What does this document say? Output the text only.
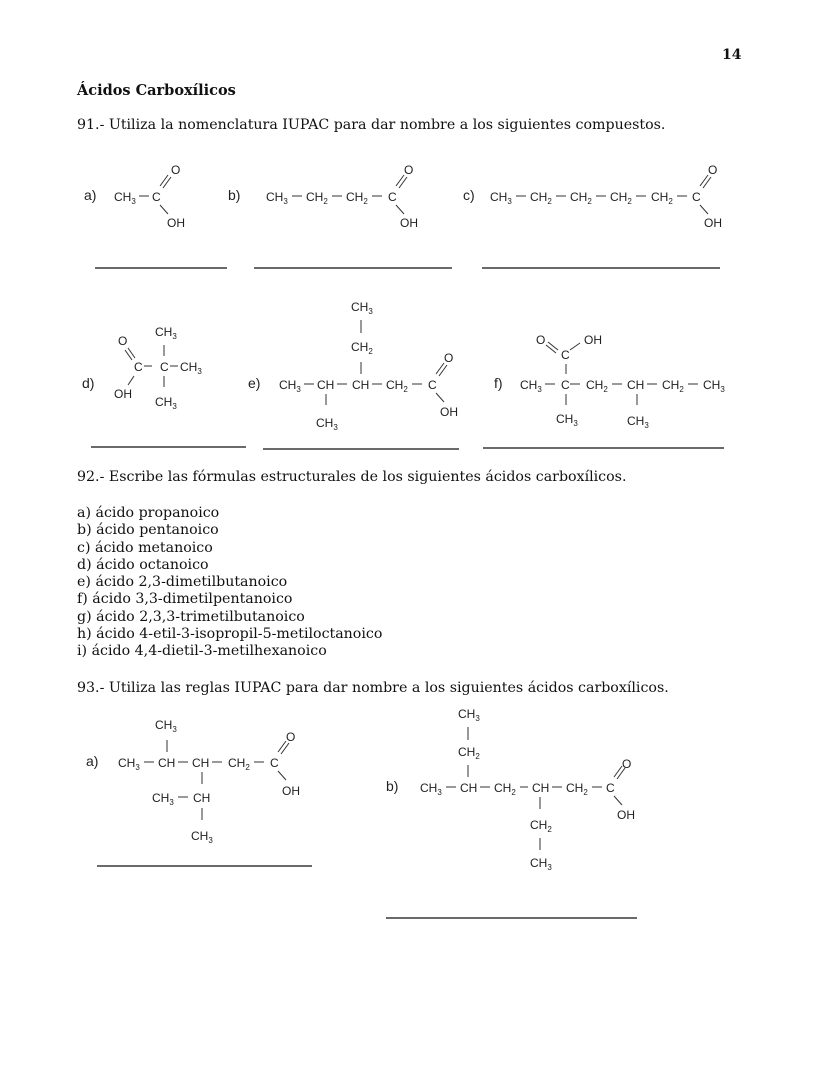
14
Ácidos Carboxílicos
91.- Utiliza la nomenclatura IUPAC para dar nombre a los siguientes compuestos.
a) $CH_3$ C
O
OH
b) $CH_3$ $CH_2$ $CH_2$ C
O
OH
c) $CH_3$ $CH_2$ $CH_2$ $CH_2$ $CH_2$ C
O
OH
d)
O
C C $CH_3$
$CH_3$
$CH_3$
OH
e) $CH_3$ CH CH $CH_2$ C
O
OH
$CH_3$
$CH_2$
$CH_3$
f) $CH_3$ C $CH_2$ CH $CH_2$ $CH_3$
C
O	OH
$CH_3$	$CH_3$
a) $CH_3$ CH CH $CH_2$ C
O
OH
$CH_3$
$CH_3$ CH
$CH_3$
b) $CH_3$ CH $CH_2$ CH $CH_2$ C
O
OH
$CH_2$
$CH_3$
$CH_2$
$CH_3$
92.- Escribe las fórmulas estructurales de los siguientes ácidos carboxílicos.
a) ácido propanoico
b) ácido pentanoico
c) ácido metanoico
d) ácido octanoico
e) ácido 2,3-dimetilbutanoico
f) ácido 3,3-dimetilpentanoico
g) ácido 2,3,3-trimetilbutanoico
h) ácido 4-etil-3-isopropil-5-metiloctanoico
i) ácido 4,4-dietil-3-metilhexanoico
93.- Utiliza las reglas IUPAC para dar nombre a los siguientes ácidos carboxílicos.
